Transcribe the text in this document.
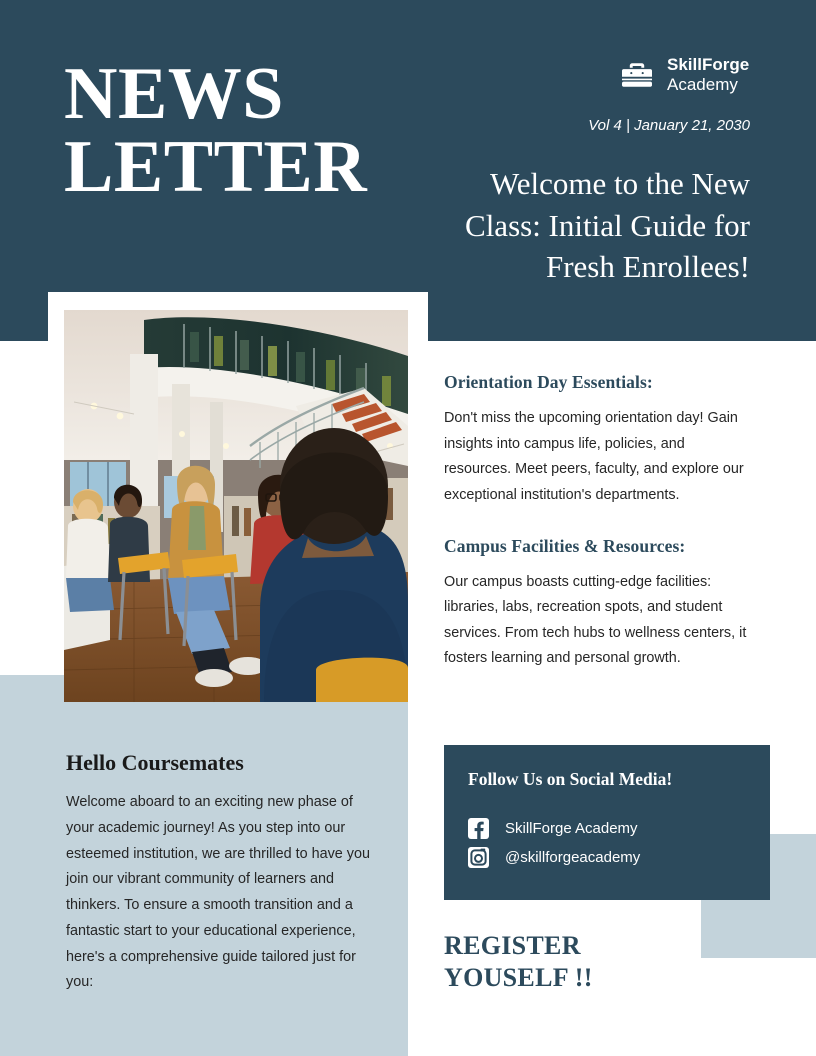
NEWS
LETTER
SkillForge
Academy
Vol 4 | January 21, 2030
Welcome to the New Class: Initial Guide for Fresh Enrollees!
Orientation Day Essentials:
Don't miss the upcoming orientation day! Gain insights into campus life, policies, and resources. Meet peers, faculty, and explore our exceptional institution's departments.
Campus Facilities & Resources:
Our campus boasts cutting-edge facilities: libraries, labs, recreation spots, and student services. From tech hubs to wellness centers, it fosters learning and personal growth.
Hello Coursemates
Welcome aboard to an exciting new phase of your academic journey! As you step into our esteemed institution, we are thrilled to have you join our vibrant community of learners and thinkers. To ensure a smooth transition and a fantastic start to your educational experience, here's a comprehensive guide tailored just for you:
Follow Us on Social Media!
SkillForge Academy
@skillforgeacademy
REGISTER
YOUSELF !!
